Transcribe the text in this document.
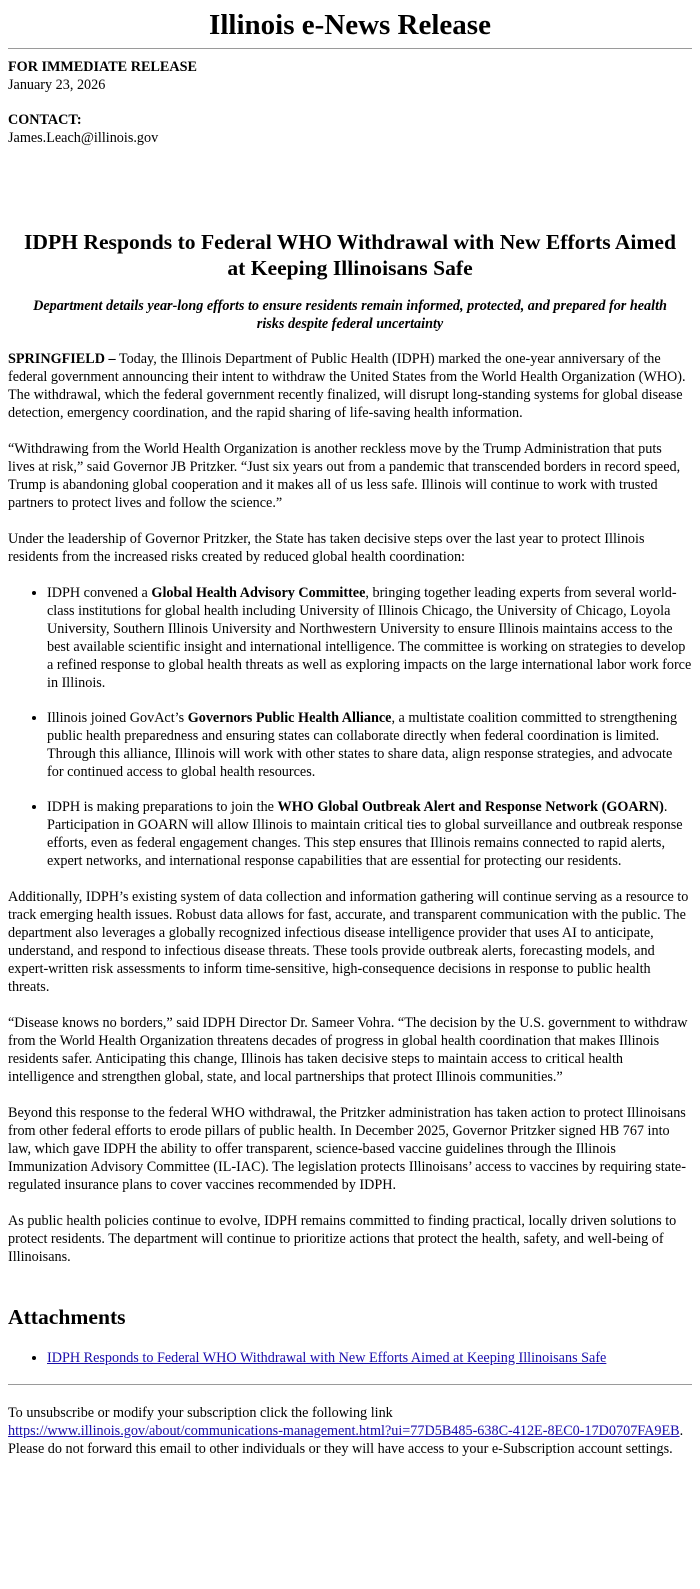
Illinois e-News Release
FOR IMMEDIATE RELEASE
January 23, 2026
CONTACT:
James.Leach@illinois.gov
IDPH Responds to Federal WHO Withdrawal with New Efforts Aimed at Keeping Illinoisans Safe
Department details year-long efforts to ensure residents remain informed, protected, and prepared for health risks despite federal uncertainty

SPRINGFIELD – Today, the Illinois Department of Public Health (IDPH) marked the one-year anniversary of the federal government announcing their intent to withdraw the United States from the World Health Organization (WHO). The withdrawal, which the federal government recently finalized, will disrupt long-standing systems for global disease detection, emergency coordination, and the rapid sharing of life-saving health information.

“Withdrawing from the World Health Organization is another reckless move by the Trump Administration that puts lives at risk,” said Governor JB Pritzker. “Just six years out from a pandemic that transcended borders in record speed, Trump is abandoning global cooperation and it makes all of us less safe. Illinois will continue to work with trusted partners to protect lives and follow the science.”

Under the leadership of Governor Pritzker, the State has taken decisive steps over the last year to protect Illinois residents from the increased risks created by reduced global health coordination:

• IDPH convened a Global Health Advisory Committee, bringing together leading experts from several world-class institutions for global health including University of Illinois Chicago, the University of Chicago, Loyola University, Southern Illinois University and Northwestern University to ensure Illinois maintains access to the best available scientific insight and international intelligence. The committee is working on strategies to develop a refined response to global health threats as well as exploring impacts on the large international labor work force in Illinois.
• Illinois joined GovAct’s Governors Public Health Alliance, a multistate coalition committed to strengthening public health preparedness and ensuring states can collaborate directly when federal coordination is limited. Through this alliance, Illinois will work with other states to share data, align response strategies, and advocate for continued access to global health resources.
• IDPH is making preparations to join the WHO Global Outbreak Alert and Response Network (GOARN). Participation in GOARN will allow Illinois to maintain critical ties to global surveillance and outbreak response efforts, even as federal engagement changes. This step ensures that Illinois remains connected to rapid alerts, expert networks, and international response capabilities that are essential for protecting our residents.

Additionally, IDPH’s existing system of data collection and information gathering will continue serving as a resource to track emerging health issues. Robust data allows for fast, accurate, and transparent communication with the public. The department also leverages a globally recognized infectious disease intelligence provider that uses AI to anticipate, understand, and respond to infectious disease threats. These tools provide outbreak alerts, forecasting models, and expert-written risk assessments to inform time-sensitive, high-consequence decisions in response to public health threats.

“Disease knows no borders,” said IDPH Director Dr. Sameer Vohra. “The decision by the U.S. government to withdraw from the World Health Organization threatens decades of progress in global health coordination that makes Illinois residents safer. Anticipating this change, Illinois has taken decisive steps to maintain access to critical health intelligence and strengthen global, state, and local partnerships that protect Illinois communities.”

Beyond this response to the federal WHO withdrawal, the Pritzker administration has taken action to protect Illinoisans from other federal efforts to erode pillars of public health. In December 2025, Governor Pritzker signed HB 767 into law, which gave IDPH the ability to offer transparent, science-based vaccine guidelines through the Illinois Immunization Advisory Committee (IL-IAC). The legislation protects Illinoisans’ access to vaccines by requiring state-regulated insurance plans to cover vaccines recommended by IDPH.

As public health policies continue to evolve, IDPH remains committed to finding practical, locally driven solutions to protect residents. The department will continue to prioritize actions that protect the health, safety, and well-being of Illinoisans.

Attachments
• IDPH Responds to Federal WHO Withdrawal with New Efforts Aimed at Keeping Illinoisans Safe
To unsubscribe or modify your subscription click the following link
https://www.illinois.gov/about/communications-management.html?ui=77D5B485-638C-412E-8EC0-17D0707FA9EB. Please do not forward this email to other individuals or they will have access to your e-Subscription account settings.
